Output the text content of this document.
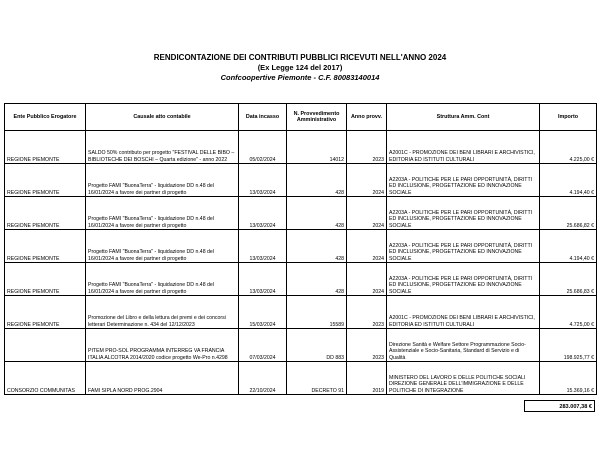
RENDICONTAZIONE DEI CONTRIBUTI PUBBLICI RICEVUTI NELL'ANNO 2024
(Ex Legge 124 del 2017)
Confcoopertive Piemonte - C.F. 80083140014
Ente Pubblico Erogatore	Causale atto contabile	Data incasso	N. Provvedimento Amministrativo	Anno provv.	Struttura Amm. Cont	Importo
REGIONE PIEMONTE	SALDO 50% contributo per progetto "FESTIVAL DELLE BIBO – BIBLIOTECHE DEI BOSCHI – Quarta edizione" - anno 2022	05/02/2024	14012	2023	A2001C - PROMOZIONE DEI BENI LIBRARI E ARCHIVISTICI, EDITORIA ED ISTITUTI CULTURALI	4.225,00 €
REGIONE PIEMONTE	Progetto FAMI "BuonaTerra" - liquidazione DD n.48 del 16/01/2024 a favore dei partner di progetto	13/03/2024	428	2024	A2203A - POLITICHE PER LE PARI OPPORTUNITÀ, DIRITTI ED INCLUSIONE, PROGETTAZIONE ED INNOVAZIONE SOCIALE	4.194,40 €
REGIONE PIEMONTE	Progetto FAMI "BuonaTerra" - liquidazione DD n.48 del 16/01/2024 a favore dei partner di progetto	13/03/2024	428	2024	A2203A - POLITICHE PER LE PARI OPPORTUNITÀ, DIRITTI ED INCLUSIONE, PROGETTAZIONE ED INNOVAZIONE SOCIALE	25.686,82 €
REGIONE PIEMONTE	Progetto FAMI "BuonaTerra" - liquidazione DD n.48 del 16/01/2024 a favore dei partner di progetto	13/03/2024	428	2024	A2203A - POLITICHE PER LE PARI OPPORTUNITÀ, DIRITTI ED INCLUSIONE, PROGETTAZIONE ED INNOVAZIONE SOCIALE	4.194,40 €
REGIONE PIEMONTE	Progetto FAMI "BuonaTerra" - liquidazione DD n.48 del 16/01/2024 a favore dei partner di progetto	13/03/2024	428	2024	A2203A - POLITICHE PER LE PARI OPPORTUNITÀ, DIRITTI ED INCLUSIONE, PROGETTAZIONE ED INNOVAZIONE SOCIALE	25.686,83 €
REGIONE PIEMONTE	Promozione del Libro e della lettura dei premi e dei concorsi letterari Determinazione n. 434 del 12/12/2023	15/03/2024	15589	2023	A2001C - PROMOZIONE DEI BENI LIBRARI E ARCHIVISTICI, EDITORIA ED ISTITUTI CULTURALI	4.725,00 €
	PITEM PRO-SOL PROGRAMMA INTERREG VA FRANCIA ITALIA ALCOTRA 2014/2020 codice progetto We-Pro n.4298	07/03/2024	DD 883	2023	Direzione Sanità e Welfare Settore Programmazione Socio-Assistenziale e Socio-Sanitaria, Standard di Servizio e di Qualità	198.925,77 €
CONSORZIO COMMUNITAS	FAMI SIPLA NORD PROG.2904	22/10/2024	DECRETO 91	2019	MINISTERO DEL LAVORO E DELLE POLITICHE SOCIALI DIREZIONE GENERALE DELL'IMMIGRAZIONE E DELLE POLITICHE DI INTEGRAZIONE	15.369,16 €
283.007,38 €
